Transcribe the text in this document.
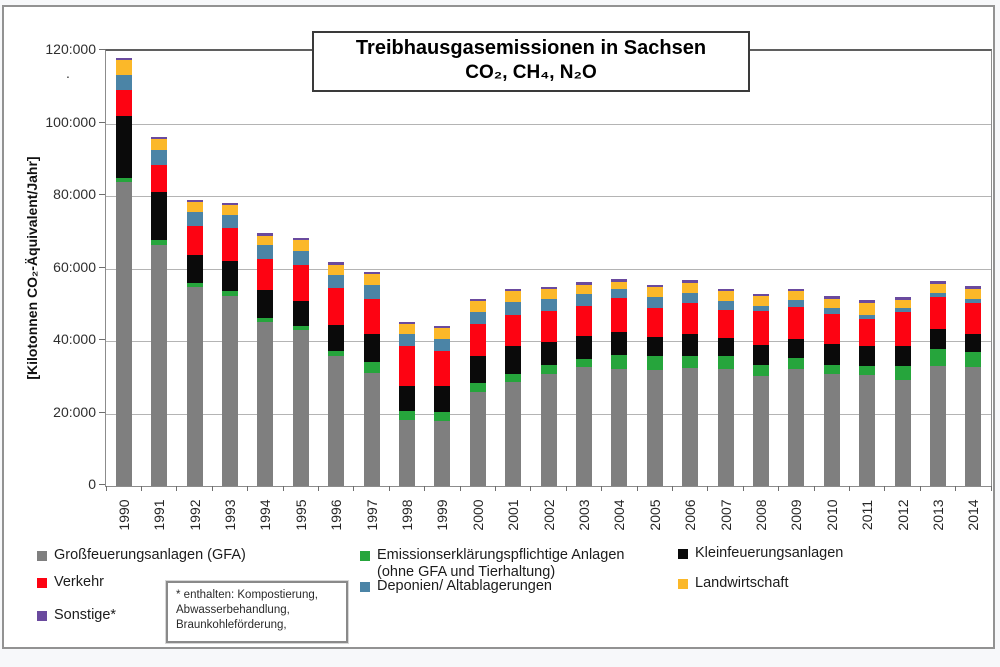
[Kilotonnen CO₂-Äquivalent/Jahr]
.
Treibhausgasemissionen in Sachsen
CO₂, CH₄, N₂O
1990 1991 1992 1993 1994 1995 1996 1997 1998 1999 2000 2001 2002 2003 2004 2005 2006 2007 2008 2009 2010 2011 2012 2013 2014
Großfeuerungsanlagen (GFA)
Verkehr
Sonstige*
Emissionserklärungspflichtige Anlagen
(ohne GFA und Tierhaltung)
Deponien/ Altablagerungen
Kleinfeuerungsanlagen
Landwirtschaft
* enthalten: Kompostierung,
Abwasserbehandlung,
Braunkohleförderung,
0
20:000
40:000
60:000
80:000
100:000
120:000
